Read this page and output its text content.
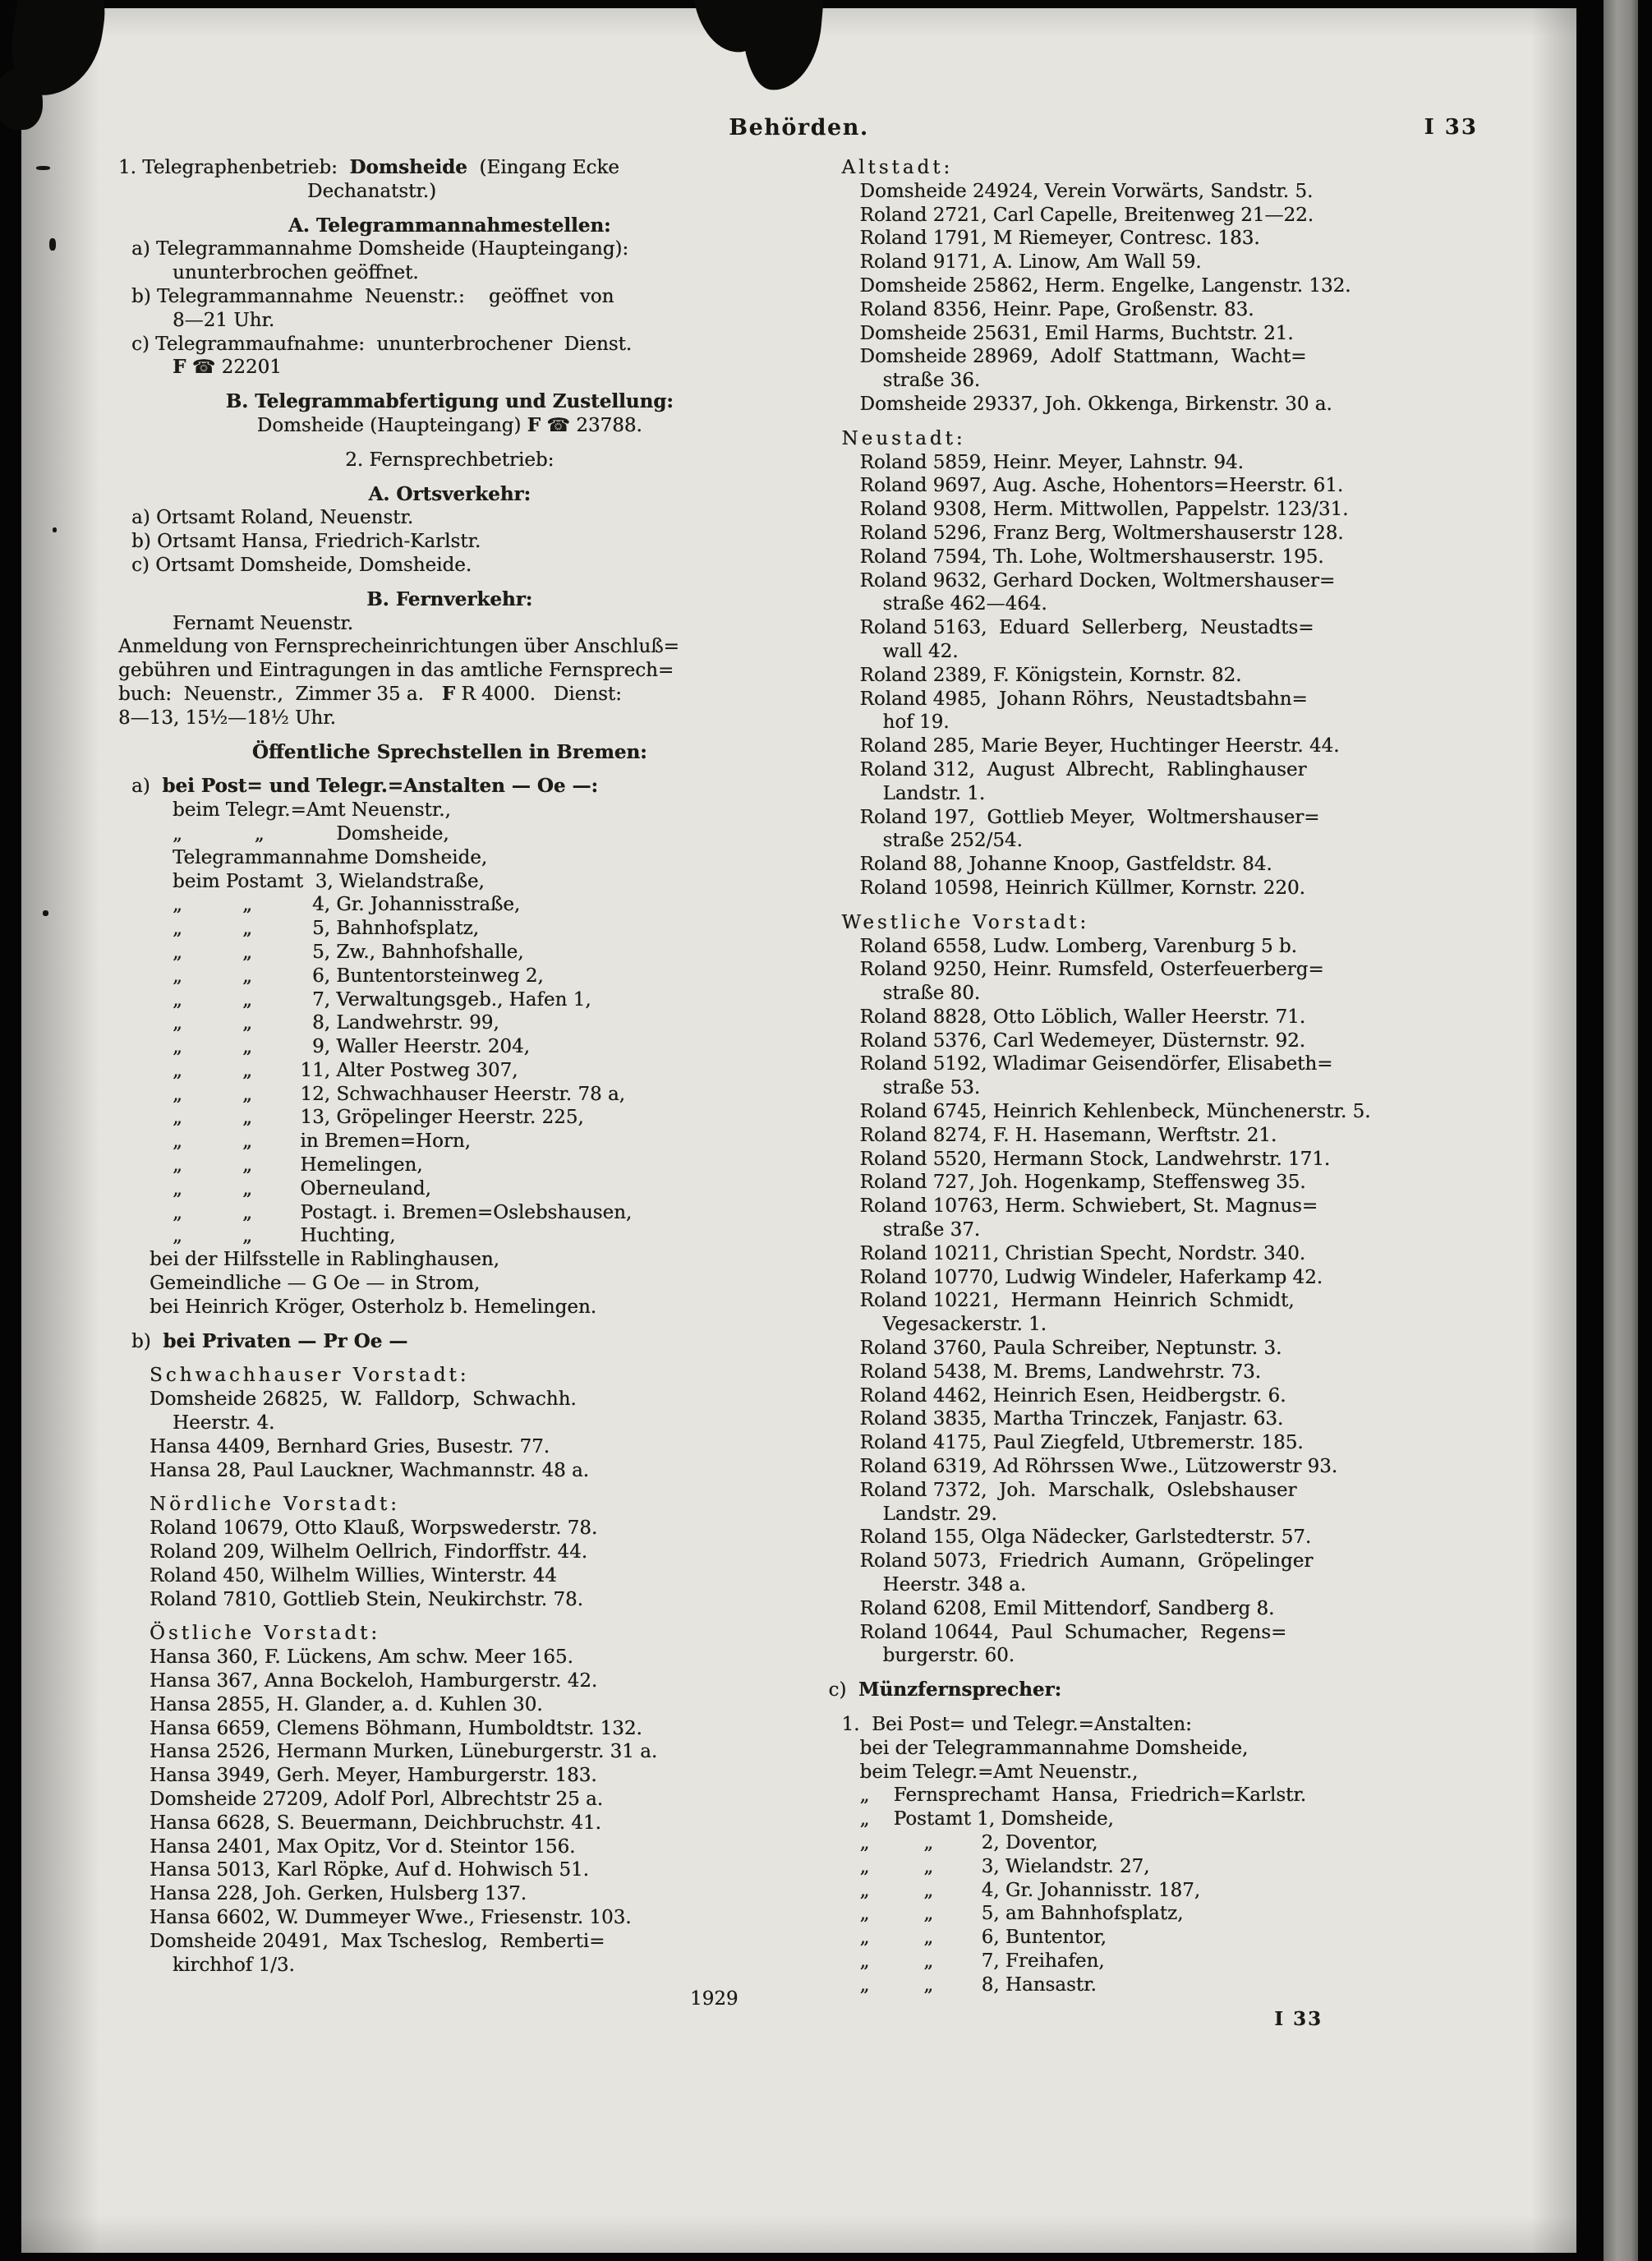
Behörden.	I 33
1. Telegraphenbetrieb:  Domsheide  (Eingang Ecke
Dechanatstr.)
A. Telegrammannahmestellen:
a) Telegrammannahme Domsheide (Haupteingang):
ununterbrochen geöffnet.
b) Telegrammannahme  Neuenstr.:    geöffnet  von
8—21 Uhr.
c) Telegrammaufnahme:  ununterbrochener  Dienst.
F ☎ 22201
B. Telegrammabfertigung und Zustellung:
Domsheide (Haupteingang) F ☎ 23788.
2. Fernsprechbetrieb:
A. Ortsverkehr:
a) Ortsamt Roland, Neuenstr.
b) Ortsamt Hansa, Friedrich-Karlstr.
c) Ortsamt Domsheide, Domsheide.
B. Fernverkehr:
Fernamt Neuenstr.
Anmeldung von Fernsprecheinrichtungen über Anschluß=
gebühren und Eintragungen in das amtliche Fernsprech=
buch:  Neuenstr.,  Zimmer 35 a.   F R 4000.   Dienst:
8—13, 15½—18½ Uhr.
Öffentliche Sprechstellen in Bremen:
a)  bei Post= und Telegr.=Anstalten — Oe —:
beim Telegr.=Amt Neuenstr.,
„            „            Domsheide,
Telegrammannahme Domsheide,
beim Postamt  3, Wielandstraße,
„          „          4, Gr. Johannisstraße,
„          „          5, Bahnhofsplatz,
„          „          5, Zw., Bahnhofshalle,
„          „          6, Buntentorsteinweg 2,
„          „          7, Verwaltungsgeb., Hafen 1,
„          „          8, Landwehrstr. 99,
„          „          9, Waller Heerstr. 204,
„          „        11, Alter Postweg 307,
„          „        12, Schwachhauser Heerstr. 78 a,
„          „        13, Gröpelinger Heerstr. 225,
„          „        in Bremen=Horn,
„          „        Hemelingen,
„          „        Oberneuland,
„          „        Postagt. i. Bremen=Oslebshausen,
„          „        Huchting,
bei der Hilfsstelle in Rablinghausen,
Gemeindliche — G Oe — in Strom,
bei Heinrich Kröger, Osterholz b. Hemelingen.
b)  bei Privaten — Pr Oe —
Schwachhauser Vorstadt:
Domsheide 26825,  W.  Falldorp,  Schwachh.
Heerstr. 4.
Hansa 4409, Bernhard Gries, Busestr. 77.
Hansa 28, Paul Lauckner, Wachmannstr. 48 a.
Nördliche Vorstadt:
Roland 10679, Otto Klauß, Worpswederstr. 78.
Roland 209, Wilhelm Oellrich, Findorffstr. 44.
Roland 450, Wilhelm Willies, Winterstr. 44
Roland 7810, Gottlieb Stein, Neukirchstr. 78.
Östliche Vorstadt:
Hansa 360, F. Lückens, Am schw. Meer 165.
Hansa 367, Anna Bockeloh, Hamburgerstr. 42.
Hansa 2855, H. Glander, a. d. Kuhlen 30.
Hansa 6659, Clemens Böhmann, Humboldtstr. 132.
Hansa 2526, Hermann Murken, Lüneburgerstr. 31 a.
Hansa 3949, Gerh. Meyer, Hamburgerstr. 183.
Domsheide 27209, Adolf Porl, Albrechtstr 25 a.
Hansa 6628, S. Beuermann, Deichbruchstr. 41.
Hansa 2401, Max Opitz, Vor d. Steintor 156.
Hansa 5013, Karl Röpke, Auf d. Hohwisch 51.
Hansa 228, Joh. Gerken, Hulsberg 137.
Hansa 6602, W. Dummeyer Wwe., Friesenstr. 103.
Domsheide 20491,  Max Tscheslog,  Remberti=
kirchhof 1/3.
1929
Altstadt:
Domsheide 24924, Verein Vorwärts, Sandstr. 5.
Roland 2721, Carl Capelle, Breitenweg 21—22.
Roland 1791, M Riemeyer, Contresc. 183.
Roland 9171, A. Linow, Am Wall 59.
Domsheide 25862, Herm. Engelke, Langenstr. 132.
Roland 8356, Heinr. Pape, Großenstr. 83.
Domsheide 25631, Emil Harms, Buchtstr. 21.
Domsheide 28969,  Adolf  Stattmann,  Wacht=
straße 36.
Domsheide 29337, Joh. Okkenga, Birkenstr. 30 a.
Neustadt:
Roland 5859, Heinr. Meyer, Lahnstr. 94.
Roland 9697, Aug. Asche, Hohentors=Heerstr. 61.
Roland 9308, Herm. Mittwollen, Pappelstr. 123/31.
Roland 5296, Franz Berg, Woltmershauserstr 128.
Roland 7594, Th. Lohe, Woltmershauserstr. 195.
Roland 9632, Gerhard Docken, Woltmershauser=
straße 462—464.
Roland 5163,  Eduard  Sellerberg,  Neustadts=
wall 42.
Roland 2389, F. Königstein, Kornstr. 82.
Roland 4985,  Johann Röhrs,  Neustadtsbahn=
hof 19.
Roland 285, Marie Beyer, Huchtinger Heerstr. 44.
Roland 312,  August  Albrecht,  Rablinghauser
Landstr. 1.
Roland 197,  Gottlieb Meyer,  Woltmershauser=
straße 252/54.
Roland 88, Johanne Knoop, Gastfeldstr. 84.
Roland 10598, Heinrich Küllmer, Kornstr. 220.
Westliche Vorstadt:
Roland 6558, Ludw. Lomberg, Varenburg 5 b.
Roland 9250, Heinr. Rumsfeld, Osterfeuerberg=
straße 80.
Roland 8828, Otto Löblich, Waller Heerstr. 71.
Roland 5376, Carl Wedemeyer, Düsternstr. 92.
Roland 5192, Wladimar Geisendörfer, Elisabeth=
straße 53.
Roland 6745, Heinrich Kehlenbeck, Münchenerstr. 5.
Roland 8274, F. H. Hasemann, Werftstr. 21.
Roland 5520, Hermann Stock, Landwehrstr. 171.
Roland 727, Joh. Hogenkamp, Steffensweg 35.
Roland 10763, Herm. Schwiebert, St. Magnus=
straße 37.
Roland 10211, Christian Specht, Nordstr. 340.
Roland 10770, Ludwig Windeler, Haferkamp 42.
Roland 10221,  Hermann  Heinrich  Schmidt,
Vegesackerstr. 1.
Roland 3760, Paula Schreiber, Neptunstr. 3.
Roland 5438, M. Brems, Landwehrstr. 73.
Roland 4462, Heinrich Esen, Heidbergstr. 6.
Roland 3835, Martha Trinczek, Fanjastr. 63.
Roland 4175, Paul Ziegfeld, Utbremerstr. 185.
Roland 6319, Ad Röhrssen Wwe., Lützowerstr 93.
Roland 7372,  Joh.  Marschalk,  Oslebshauser
Landstr. 29.
Roland 155, Olga Nädecker, Garlstedterstr. 57.
Roland 5073,  Friedrich  Aumann,  Gröpelinger
Heerstr. 348 a.
Roland 6208, Emil Mittendorf, Sandberg 8.
Roland 10644,  Paul  Schumacher,  Regens=
burgerstr. 60.
c)  Münzfernsprecher:
1.  Bei Post= und Telegr.=Anstalten:
bei der Telegrammannahme Domsheide,
beim Telegr.=Amt Neuenstr.,
„    Fernsprechamt  Hansa,  Friedrich=Karlstr.
„    Postamt 1, Domsheide,
„         „        2, Doventor,
„         „        3, Wielandstr. 27,
„         „        4, Gr. Johannisstr. 187,
„         „        5, am Bahnhofsplatz,
„         „        6, Buntentor,
„         „        7, Freihafen,
„         „        8, Hansastr.
I 33
